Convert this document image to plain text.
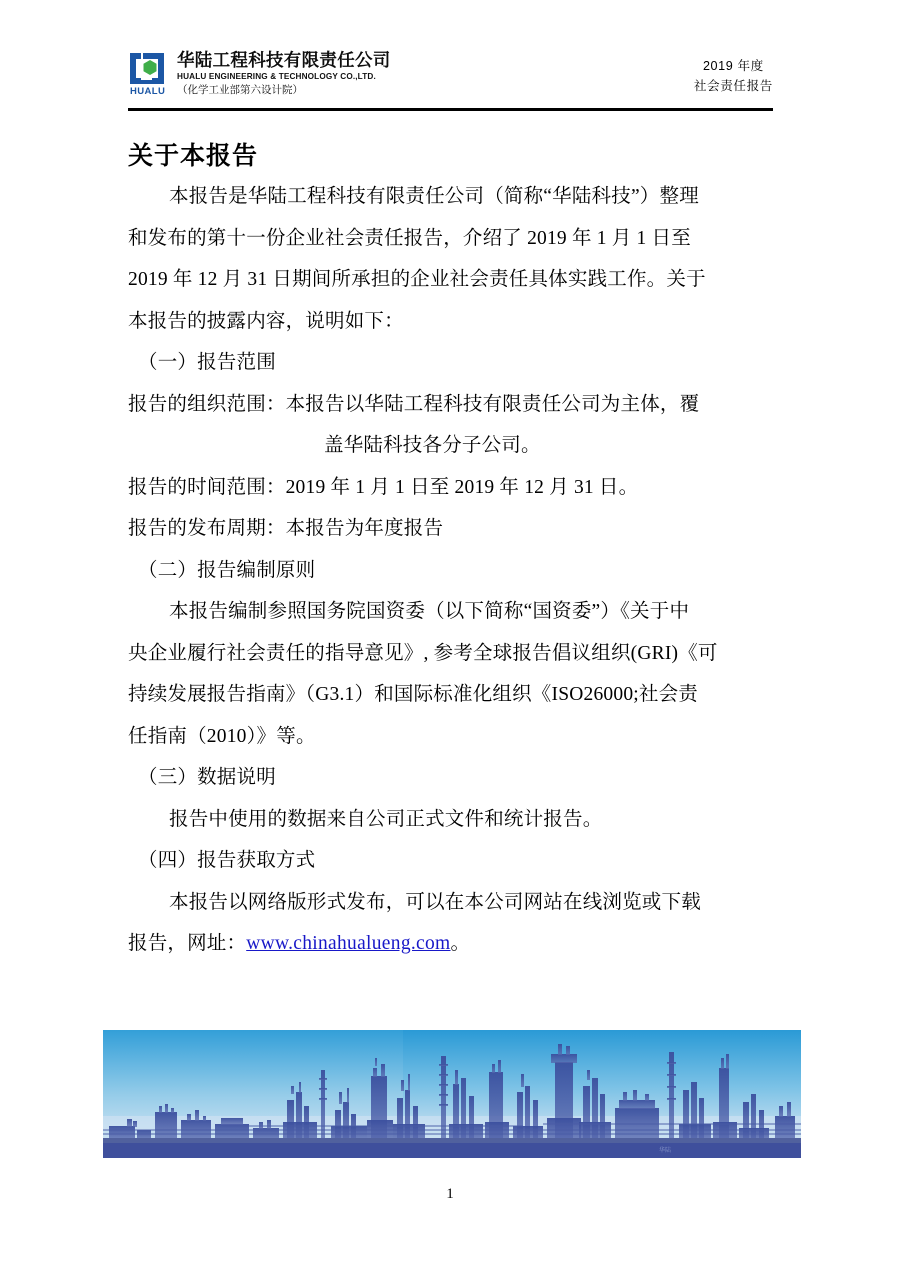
HUALU
华陆工程科技有限责任公司
HUALU ENGINEERING & TECHNOLOGY CO.,LTD.
（化学工业部第六设计院）
2019 年度
社会责任报告
关于本报告

本报告是华陆工程科技有限责任公司（简称“华陆科技”）整理
和发布的第十一份企业社会责任报告，介绍了 2019 年 1 月 1 日至
2019 年 12 月 31 日期间所承担的企业社会责任具体实践工作。关于
本报告的披露内容，说明如下：

（一）报告范围

报告的组织范围：本报告以华陆工程科技有限责任公司为主体，覆
盖华陆科技各分子公司。

报告的时间范围：2019 年 1 月 1 日至 2019 年 12 月 31 日。

报告的发布周期：本报告为年度报告

（二）报告编制原则

本报告编制参照国务院国资委（以下简称“国资委”）《关于中
央企业履行社会责任的指导意见》, 参考全球报告倡议组织(GRI)《可
持续发展报告指南》（G3.1）和国际标准化组织《ISO26000;社会责
任指南（2010）》等。

（三）数据说明

报告中使用的数据来自公司正式文件和统计报告。

（四）报告获取方式

本报告以网络版形式发布，可以在本公司网站在线浏览或下载
报告，网址：www.chinahualueng.com。

华陆
1
